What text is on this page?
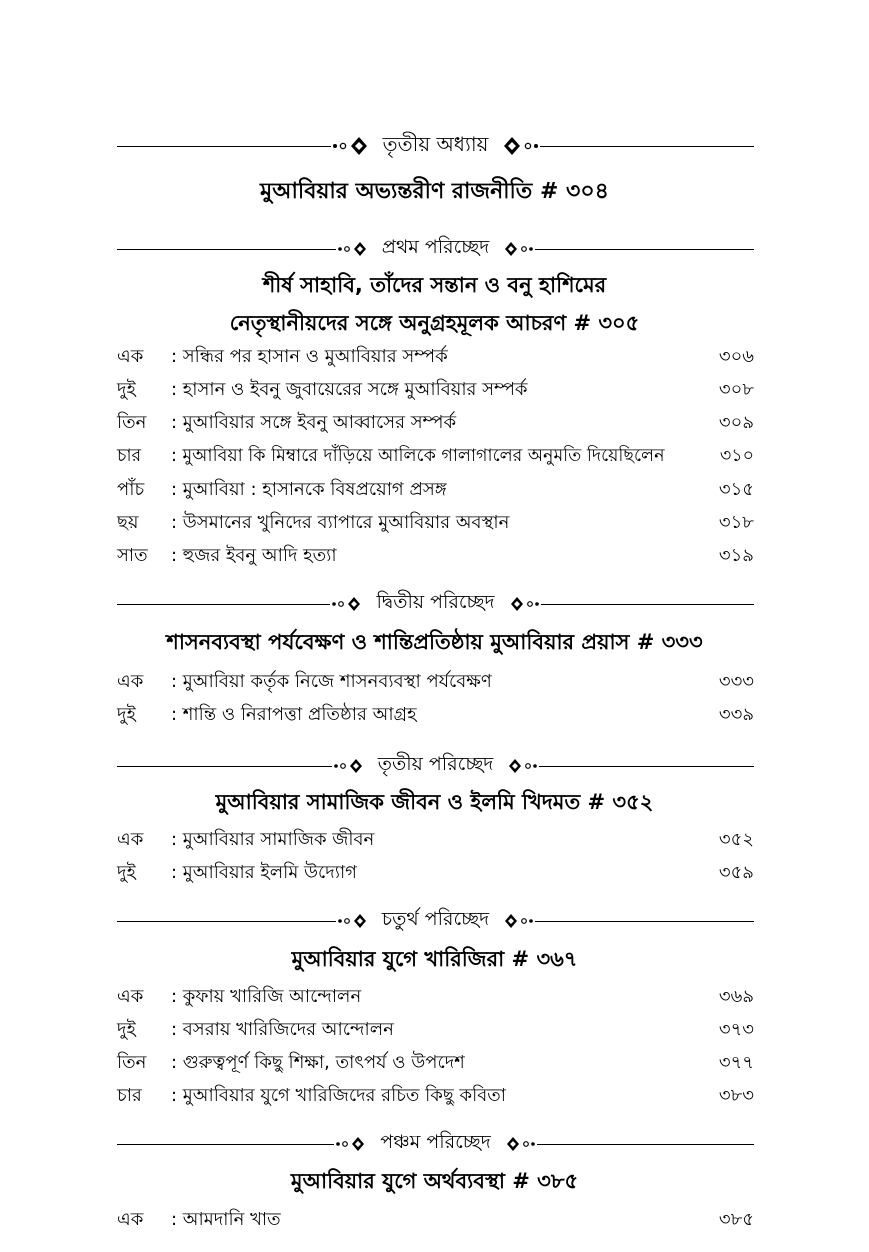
তৃতীয় অধ্যায়
মুআবিয়ার অভ্যন্তরীণ রাজনীতি # ৩০৪
প্রথম পরিচ্ছেদ
শীর্ষ সাহাবি, তাঁদের সন্তান ও বনু হাশিমের
নেতৃস্থানীয়দের সঙ্গে অনুগ্রহমূলক আচরণ # ৩০৫
এক	: সন্ধির পর হাসান ও মুআবিয়ার সম্পর্ক	৩০৬
দুই	: হাসান ও ইবনু জুবায়েরের সঙ্গে মুআবিয়ার সম্পর্ক	৩০৮
তিন	: মুআবিয়ার সঙ্গে ইবনু আব্বাসের সম্পর্ক	৩০৯
চার	: মুআবিয়া কি মিম্বারে দাঁড়িয়ে আলিকে গালাগালের অনুমতি দিয়েছিলেন	৩১০
পাঁচ	: মুআবিয়া : হাসানকে বিষপ্রয়োগ প্রসঙ্গ	৩১৫
ছয়	: উসমানের খুনিদের ব্যাপারে মুআবিয়ার অবস্থান	৩১৮
সাত	: হুজর ইবনু আদি হত্যা	৩১৯
দ্বিতীয় পরিচ্ছেদ
শাসনব্যবস্থা পর্যবেক্ষণ ও শান্তিপ্রতিষ্ঠায় মুআবিয়ার প্রয়াস # ৩৩৩
এক	: মুআবিয়া কর্তৃক নিজে শাসনব্যবস্থা পর্যবেক্ষণ	৩৩৩
দুই	: শান্তি ও নিরাপত্তা প্রতিষ্ঠার আগ্রহ	৩৩৯
তৃতীয় পরিচ্ছেদ
মুআবিয়ার সামাজিক জীবন ও ইলমি খিদমত # ৩৫২
এক	: মুআবিয়ার সামাজিক জীবন	৩৫২
দুই	: মুআবিয়ার ইলমি উদ্যোগ	৩৫৯
চতুর্থ পরিচ্ছেদ
মুআবিয়ার যুগে খারিজিরা # ৩৬৭
এক	: কুফায় খারিজি আন্দোলন	৩৬৯
দুই	: বসরায় খারিজিদের আন্দোলন	৩৭৩
তিন	: গুরুত্বপূর্ণ কিছু শিক্ষা, তাৎপর্য ও উপদেশ	৩৭৭
চার	: মুআবিয়ার যুগে খারিজিদের রচিত কিছু কবিতা	৩৮৩
পঞ্চম পরিচ্ছেদ
মুআবিয়ার যুগে অর্থব্যবস্থা # ৩৮৫
এক	: আমদানি খাত	৩৮৫
